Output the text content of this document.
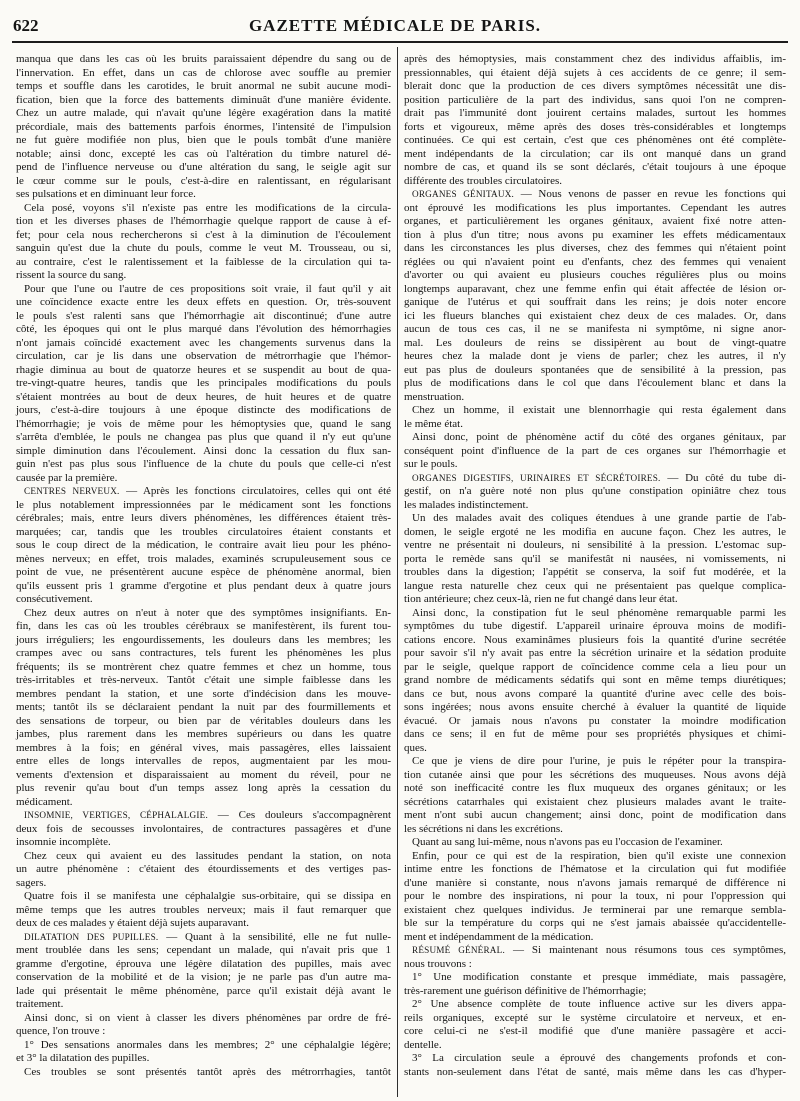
622	GAZETTE MÉDICALE DE PARIS.
manqua que dans les cas où les bruits paraissaient dépendre du sang ou de
l'innervation. En effet, dans un cas de chlorose avec souffle au premier
temps et souffle dans les carotides, le bruit anormal ne subit aucune modi-
fication, bien que la force des battements diminuât d'une manière évidente.
Chez un autre malade, qui n'avait qu'une légère exagération dans la matité
précordiale, mais des battements parfois énormes, l'intensité de l'impulsion
ne fut guère modifiée non plus, bien que le pouls tombât d'une manière
notable; ainsi donc, excepté les cas où l'altération du timbre naturel dé-
pend de l'influence nerveuse ou d'une altération du sang, le seigle agit sur
le cœur comme sur le pouls, c'est-à-dire en ralentissant, en régularisant
ses pulsations et en diminuant leur force.
Cela posé, voyons s'il n'existe pas entre les modifications de la circula-
tion et les diverses phases de l'hémorrhagie quelque rapport de cause à ef-
fet; pour cela nous rechercherons si c'est à la diminution de l'écoulement
sanguin qu'est due la chute du pouls, comme le veut M. Trousseau, ou si,
au contraire, c'est le ralentissement et la faiblesse de la circulation qui ta-
rissent la source du sang.
Pour que l'une ou l'autre de ces propositions soit vraie, il faut qu'il y ait
une coïncidence exacte entre les deux effets en question. Or, très-souvent
le pouls s'est ralenti sans que l'hémorrhagie ait discontinué; d'une autre
côté, les époques qui ont le plus marqué dans l'évolution des hémorrhagies
n'ont jamais coïncidé exactement avec les changements survenus dans la
circulation, car je lis dans une observation de métrorrhagie que l'hémor-
rhagie diminua au bout de quatorze heures et se suspendit au bout de qua-
tre-vingt-quatre heures, tandis que les principales modifications du pouls
s'étaient montrées au bout de deux heures, de huit heures et de quatre
jours, c'est-à-dire toujours à une époque distincte des modifications de
l'hémorrhagie; je vois de même pour les hémoptysies que, quand le sang
s'arrêta d'emblée, le pouls ne changea pas plus que quand il n'y eut qu'une
simple diminution dans l'écoulement. Ainsi donc la cessation du flux san-
guin n'est pas plus sous l'influence de la chute du pouls que celle-ci n'est
causée par la première.
CENTRES NERVEUX. — Après les fonctions circulatoires, celles qui ont été
le plus notablement impressionnées par le médicament sont les fonctions
cérébrales; mais, entre leurs divers phénomènes, les différences étaient très-
marquées; car, tandis que les troubles circulatoires étaient constants et
sous le coup direct de la médication, le contraire avait lieu pour les phéno-
mènes nerveux; en effet, trois malades, examinés scrupuleusement sous ce
point de vue, ne présentèrent aucune espèce de phénomène anormal, bien
qu'ils eussent pris 1 gramme d'ergotine et plus pendant deux à quatre jours
consécutivement.
Chez deux autres on n'eut à noter que des symptômes insignifiants. En-
fin, dans les cas où les troubles cérébraux se manifestèrent, ils furent tou-
jours irréguliers; les engourdissements, les douleurs dans les membres; les
crampes avec ou sans contractures, tels furent les phénomènes les plus
fréquents; ils se montrèrent chez quatre femmes et chez un homme, tous
très-irritables et très-nerveux. Tantôt c'était une simple faiblesse dans les
membres pendant la station, et une sorte d'indécision dans les mouve-
ments; tantôt ils se déclaraient pendant la nuit par des fourmillements et
des sensations de torpeur, ou bien par de véritables douleurs dans les
jambes, plus rarement dans les membres supérieurs ou dans les quatre
membres à la fois; en général vives, mais passagères, elles laissaient
entre elles de longs intervalles de repos, augmentaient par les mou-
vements d'extension et disparaissaient au moment du réveil, pour ne
plus revenir qu'au bout d'un temps assez long après la cessation du
médicament.
INSOMNIE, VERTIGES, CÉPHALALGIE. — Ces douleurs s'accompagnèrent
deux fois de secousses involontaires, de contractures passagères et d'une
insomnie incomplète.
Chez ceux qui avaient eu des lassitudes pendant la station, on nota
un autre phénomène : c'étaient des étourdissements et des vertiges pas-
sagers.
Quatre fois il se manifesta une céphalalgie sus-orbitaire, qui se dissipa en
même temps que les autres troubles nerveux; mais il faut remarquer que
deux de ces malades y étaient déjà sujets auparavant.
DILATATION DES PUPILLES. — Quant à la sensibilité, elle ne fut nulle-
ment troublée dans les sens; cependant un malade, qui n'avait pris que 1
gramme d'ergotine, éprouva une légère dilatation des pupilles, mais avec
conservation de la mobilité et de la vision; je ne parle pas d'un autre ma-
lade qui présentait le même phénomène, parce qu'il existait déjà avant le
traitement.
Ainsi donc, si on vient à classer les divers phénomènes par ordre de fré-
quence, l'on trouve :
1° Des sensations anormales dans les membres; 2° une céphalalgie légère;
et 3° la dilatation des pupilles.
Ces troubles se sont présentés tantôt après des métrorrhagies, tantôt
après des hémoptysies, mais constamment chez des individus affaiblis, im-
pressionnables, qui étaient déjà sujets à ces accidents de ce genre; il sem-
blerait donc que la production de ces divers symptômes nécessitât une dis-
position particulière de la part des individus, sans quoi l'on ne compren-
drait pas l'immunité dont jouirent certains malades, surtout les hommes
forts et vigoureux, même après des doses très-considérables et longtemps
continuées. Ce qui est certain, c'est que ces phénomènes ont été complète-
ment indépendants de la circulation; car ils ont manqué dans un grand
nombre de cas, et quand ils se sont déclarés, c'était toujours à une époque
différente des troubles circulatoires.
ORGANES GÉNITAUX. — Nous venons de passer en revue les fonctions qui
ont éprouvé les modifications les plus importantes. Cependant les autres
organes, et particulièrement les organes génitaux, avaient fixé notre atten-
tion à plus d'un titre; nous avons pu examiner les effets médicamentaux
dans les circonstances les plus diverses, chez des femmes qui n'étaient point
réglées ou qui n'avaient point eu d'enfants, chez des femmes qui venaient
d'avorter ou qui avaient eu plusieurs couches régulières plus ou moins
longtemps auparavant, chez une femme enfin qui était affectée de lésion or-
ganique de l'utérus et qui souffrait dans les reins; je dois noter encore
ici les flueurs blanches qui existaient chez deux de ces malades. Or, dans
aucun de tous ces cas, il ne se manifesta ni symptôme, ni signe anor-
mal. Les douleurs de reins se dissipèrent au bout de vingt-quatre
heures chez la malade dont je viens de parler; chez les autres, il n'y
eut pas plus de douleurs spontanées que de sensibilité à la pression, pas
plus de modifications dans le col que dans l'écoulement blanc et dans la
menstruation.
Chez un homme, il existait une blennorrhagie qui resta également dans
le même état.
Ainsi donc, point de phénomène actif du côté des organes génitaux, par
conséquent point d'influence de la part de ces organes sur l'hémorrhagie et
sur le pouls.
ORGANES DIGESTIFS, URINAIRES ET SÉCRÉTOIRES. — Du côté du tube di-
gestif, on n'a guère noté non plus qu'une constipation opiniâtre chez tous
les malades indistinctement.
Un des malades avait des coliques étendues à une grande partie de l'ab-
domen, le seigle ergoté ne les modifia en aucune façon. Chez les autres, le
ventre ne présentait ni douleurs, ni sensibilité à la pression. L'estomac sup-
porta le remède sans qu'il se manifestât ni nausées, ni vomissements, ni
troubles dans la digestion; l'appétit se conserva, la soif fut modérée, et la
langue resta naturelle chez ceux qui ne présentaient pas quelque complica-
tion antérieure; chez ceux-là, rien ne fut changé dans leur état.
Ainsi donc, la constipation fut le seul phénomène remarquable parmi les
symptômes du tube digestif. L'appareil urinaire éprouva moins de modifi-
cations encore. Nous examinâmes plusieurs fois la quantité d'urine secrétée
pour savoir s'il n'y avait pas entre la sécrétion urinaire et la sédation produite
par le seigle, quelque rapport de coïncidence comme cela a lieu pour un
grand nombre de médicaments sédatifs qui sont en même temps diurétiques;
dans ce but, nous avons comparé la quantité d'urine avec celle des bois-
sons ingérées; nous avons ensuite cherché à évaluer la quantité de liquide
évacué. Or jamais nous n'avons pu constater la moindre modification
dans ce sens; il en fut de même pour ses propriétés physiques et chimi-
ques.
Ce que je viens de dire pour l'urine, je puis le répéter pour la transpira-
tion cutanée ainsi que pour les sécrétions des muqueuses. Nous avons déjà
noté son inefficacité contre les flux muqueux des organes génitaux; or les
sécrétions catarrhales qui existaient chez plusieurs malades avant le traite-
ment n'ont subi aucun changement; ainsi donc, point de modification dans
les sécrétions ni dans les excrétions.
Quant au sang lui-même, nous n'avons pas eu l'occasion de l'examiner.
Enfin, pour ce qui est de la respiration, bien qu'il existe une connexion
intime entre les fonctions de l'hématose et la circulation qui fut modifiée
d'une manière si constante, nous n'avons jamais remarqué de différence ni
pour le nombre des inspirations, ni pour la toux, ni pour l'oppression qui
existaient chez quelques individus. Je terminerai par une remarque sembla-
ble sur la température du corps qui ne s'est jamais abaissée qu'accidentelle-
ment et indépendamment de la médication.
RÉSUMÉ GÉNÉRAL. — Si maintenant nous résumons tous ces symptômes,
nous trouvons :
1° Une modification constante et presque immédiate, mais passagère,
très-rarement une guérison définitive de l'hémorrhagie;
2° Une absence complète de toute influence active sur les divers appa-
reils organiques, excepté sur le système circulatoire et nerveux, et en-
core celui-ci ne s'est-il modifié que d'une manière passagère et acci-
dentelle.
3° La circulation seule a éprouvé des changements profonds et con-
stants non-seulement dans l'état de santé, mais même dans les cas d'hyper-
